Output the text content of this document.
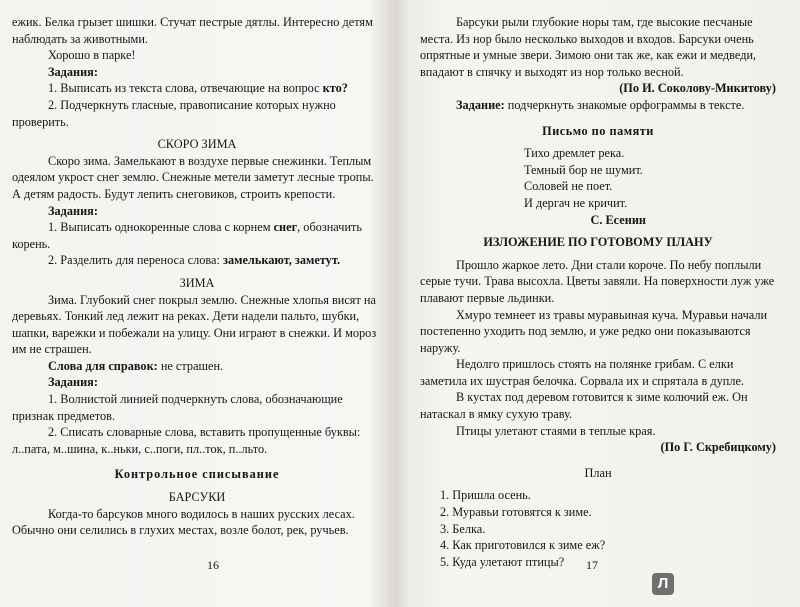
ежик. Белка грызет шишки. Стучат пестрые дятлы. Интересно детям наблюдать за животными.

Хорошо в парке!

Задания:

1. Выписать из текста слова, отвечающие на вопрос кто?

2. Подчеркнуть гласные, правописание которых нужно проверить.

СКОРО ЗИМА

Скоро зима. Замелькают в воздухе первые снежинки. Теплым одеялом укрост снег землю. Снежные метели заметут лесные тропы. А детям радость. Будут лепить снеговиков, строить крепости.

Задания:

1. Выписать однокоренные слова с корнем снег, обозначить корень.

2. Разделить для переноса слова: замелькают, заметут.

ЗИМА

Зима. Глубокий снег покрыл землю. Снежные хлопья висят на деревьях. Тонкий лед лежит на реках. Дети надели пальто, шубки, шапки, варежки и побежали на улицу. Они играют в снежки. И мороз им не страшен.

Слова для справок: не страшен.

Задания:

1. Волнистой линией подчеркнуть слова, обозначающие признак предметов.

2. Списать словарные слова, вставить пропущенные буквы: л..пата, м..шина, к..ньки, с..поги, пл..ток, п..льто.

Контрольное списывание

БАРСУКИ

Когда-то барсуков много водилось в наших русских лесах. Обычно они селились в глухих местах, возле болот, рек, ручьев.

16

Барсуки рыли глубокие норы там, где высокие песчаные места. Из нор было несколько выходов и входов. Барсуки очень опрятные и умные звери. Зимою они так же, как ежи и медведи, впадают в спячку и выходят из нор только весной.

(По И. Соколову-Микитову)

Задание: подчеркнуть знакомые орфограммы в тексте.

Письмо по памяти

Тихо дремлет река.

Темный бор не шумит.

Соловей не поет.

И дергач не кричит.

С. Есенин

ИЗЛОЖЕНИЕ ПО ГОТОВОМУ ПЛАНУ

Прошло жаркое лето. Дни стали короче. По небу поплыли серые тучи. Трава высохла. Цветы завяли. На поверхности луж уже плавают первые льдинки.

Хмуро темнеет из травы муравьиная куча. Муравьи начали постепенно уходить под землю, и уже редко они показываются наружу.

Недолго пришлось стоять на полянке грибам. С елки заметила их шустрая белочка. Сорвала их и спрятала в дупле.

В кустах под деревом готовится к зиме колючий еж. Он натаскал в ямку сухую траву.

Птицы улетают стаями в теплые края.

(По Г. Скребицкому)

План

1. Пришла осень.

2. Муравьи готовятся к зиме.

3. Белка.

4. Как приготовился к зиме еж?

5. Куда улетают птицы?	17
Л
